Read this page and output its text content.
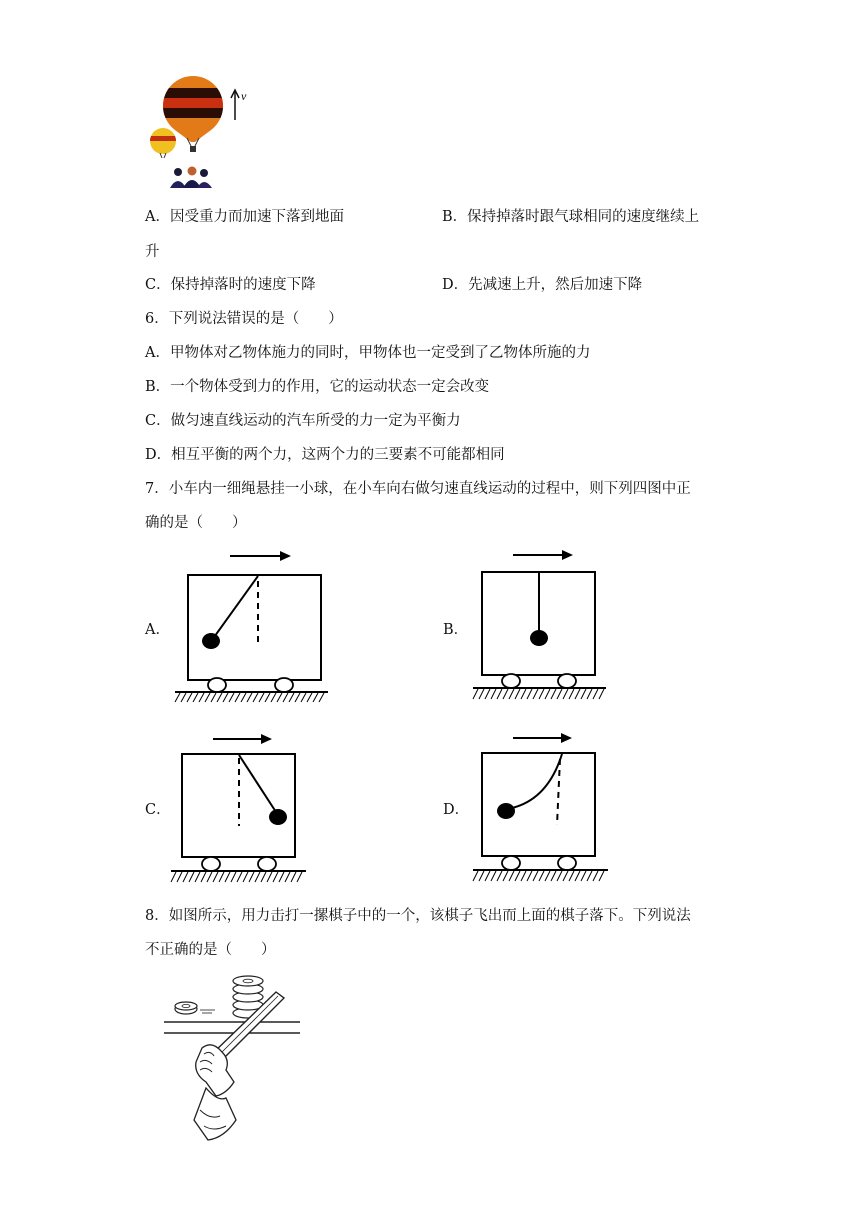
v
A．因受重力而加速下落到地面	B．保持掉落时跟气球相同的速度继续上
升
C．保持掉落时的速度下降	D．先减速上升，然后加速下降
6．下列说法错误的是（　　）
A．甲物体对乙物体施力的同时，甲物体也一定受到了乙物体所施的力
B．一个物体受到力的作用，它的运动状态一定会改变
C．做匀速直线运动的汽车所受的力一定为平衡力
D．相互平衡的两个力，这两个力的三要素不可能都相同
7．小车内一细绳悬挂一小球，在小车向右做匀速直线运动的过程中，则下列四图中正
确的是（　　）
A．	B．
C．	D．
8．如图所示，用力击打一摞棋子中的一个，该棋子飞出而上面的棋子落下。下列说法
不正确的是（　　）
